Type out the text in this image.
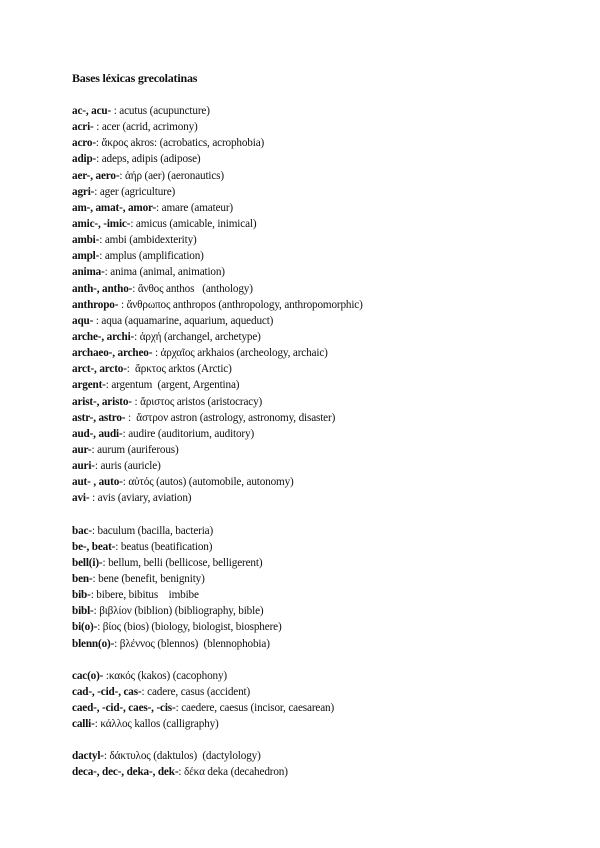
Bases léxicas grecolatinas
ac-, acu- : acutus (acupuncture)
acri- : acer (acrid, acrimony)
acro-: ἄκρος akros: (acrobatics, acrophobia)
adip-: adeps, adipis (adipose)
aer-, aero-: ἀήρ (aer) (aeronautics)
agri-: ager (agriculture)
am-, amat-, amor-: amare (amateur)
amic-, -imic-: amicus (amicable, inimical)
ambi-: ambi (ambidexterity)
ampl-: amplus (amplification)
anima-: anima (animal, animation)
anth-, antho-: ἄνθος anthos   (anthology)
anthropo- : ἄνθρωπος anthropos (anthropology, anthropomorphic)
aqu- : aqua (aquamarine, aquarium, aqueduct)
arche-, archi-: ἀρχή (archangel, archetype)
archaeo-, archeo- : ἀρχαῖος arkhaios (archeology, archaic)
arct-, arcto-:  ἄρκτος arktos (Arctic)
argent-: argentum  (argent, Argentina)
arist-, aristo- : ἄριστος aristos (aristocracy)
astr-, astro- :  ἄστρον astron (astrology, astronomy, disaster)
aud-, audi-: audire (auditorium, auditory)
aur-: aurum (auriferous)
auri-: auris (auricle)
aut- , auto-: αὐτός (autos) (automobile, autonomy)
avi- : avis (aviary, aviation)
bac-: baculum (bacilla, bacteria)
be-, beat-: beatus (beatification)
bell(i)-: bellum, belli (bellicose, belligerent)
ben-: bene (benefit, benignity)
bib-: bibere, bibitus    imbibe
bibl-: βιβλίον (biblion) (bibliography, bible)
bi(o)-: βίος (bios) (biology, biologist, biosphere)
blenn(o)-: βλέννος (blennos)  (blennophobia)
cac(o)- :κακός (kakos) (cacophony)
cad-, -cid-, cas-: cadere, casus (accident)
caed-, -cid-, caes-, -cis-: caedere, caesus (incisor, caesarean)
calli-: κάλλος kallos (calligraphy)
dactyl-: δάκτυλος (daktulos)  (dactylology)
deca-, dec-, deka-, dek-: δέκα deka (decahedron)
